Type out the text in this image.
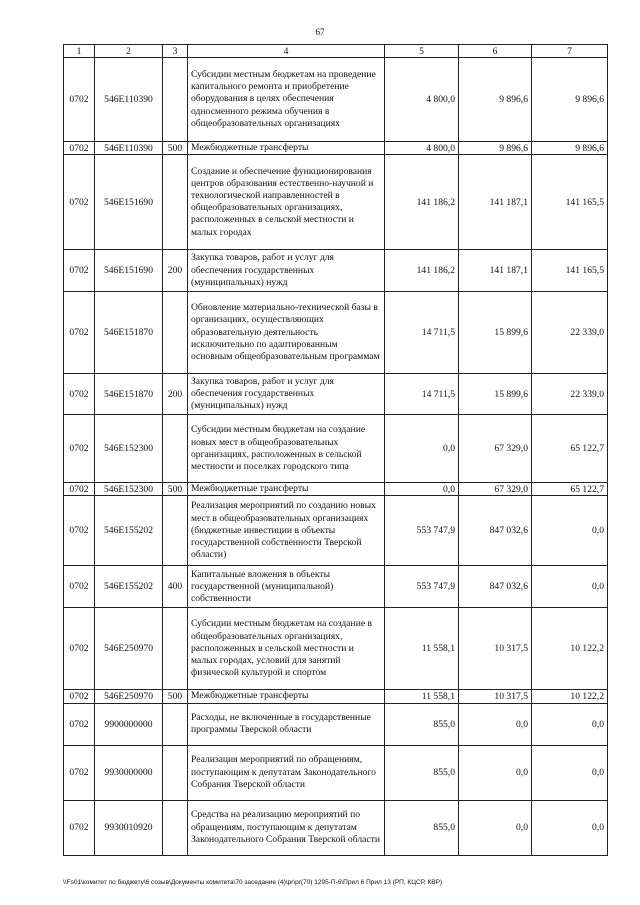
67
1	2	3	4	5	6	7
0702	546E110390		Субсидии местным бюджетам на проведение капитального ремонта и приобретение оборудования в целях обеспечения односменного режима обучения в общеобразовательных организациях	4 800,0	9 896,6	9 896,6
0702	546E110390	500	Межбюджетные трансферты	4 800,0	9 896,6	9 896,6
0702	546E151690		Создание и обеспечение функционирования центров образования естественно-научной и технологической направленностей в общеобразовательных организациях, расположенных в сельской местности и малых городах	141 186,2	141 187,1	141 165,5
0702	546E151690	200	Закупка товаров, работ и услуг для обеспечения государственных (муниципальных) нужд	141 186,2	141 187,1	141 165,5
0702	546E151870		Обновление материально-технической базы в организациях, осуществляющих образовательную деятельность исключительно по адаптированным основным общеобразовательным программам	14 711,5	15 899,6	22 339,0
0702	546E151870	200	Закупка товаров, работ и услуг для обеспечения государственных (муниципальных) нужд	14 711,5	15 899,6	22 339,0
0702	546E152300		Субсидии местным бюджетам на создание новых мест в общеобразовательных организациях, расположенных в сельской местности и поселках городского типа	0,0	67 329,0	65 122,7
0702	546E152300	500	Межбюджетные трансферты	0,0	67 329,0	65 122,7
0702	546E155202		Реализация мероприятий по созданию новых мест в общеобразовательных организациях (бюджетные инвестиции в объекты государственной собственности Тверской области)	553 747,9	847 032,6	0,0
0702	546E155202	400	Капитальные вложения в объекты государственной (муниципальной) собственности	553 747,9	847 032,6	0,0
0702	546E250970		Субсидии местным бюджетам на создание в общеобразовательных организациях, расположенных в сельской местности и малых городах, условий для занятий физической культурой и спортом	11 558,1	10 317,5	10 122,2
0702	546E250970	500	Межбюджетные трансферты	11 558,1	10 317,5	10 122,2
0702	9900000000		Расходы, не включенные в государственные программы Тверской области	855,0	0,0	0,0
0702	9930000000		Реализация мероприятий по обращениям, поступающим к депутатам Законодательного Собрания Тверской области	855,0	0,0	0,0
0702	9930010920		Средства на реализацию мероприятий по обращениям, поступающим к депутатам Законодательного Собрания Тверской области	855,0	0,0	0,0
\\Fs01\комитет по бюджету\6 созыв\Документы комитета\70 заседание (4)\pr\pr(70) 1295-П-6\Прил 6 Прил 13 (РП, КЦСР, КВР)
